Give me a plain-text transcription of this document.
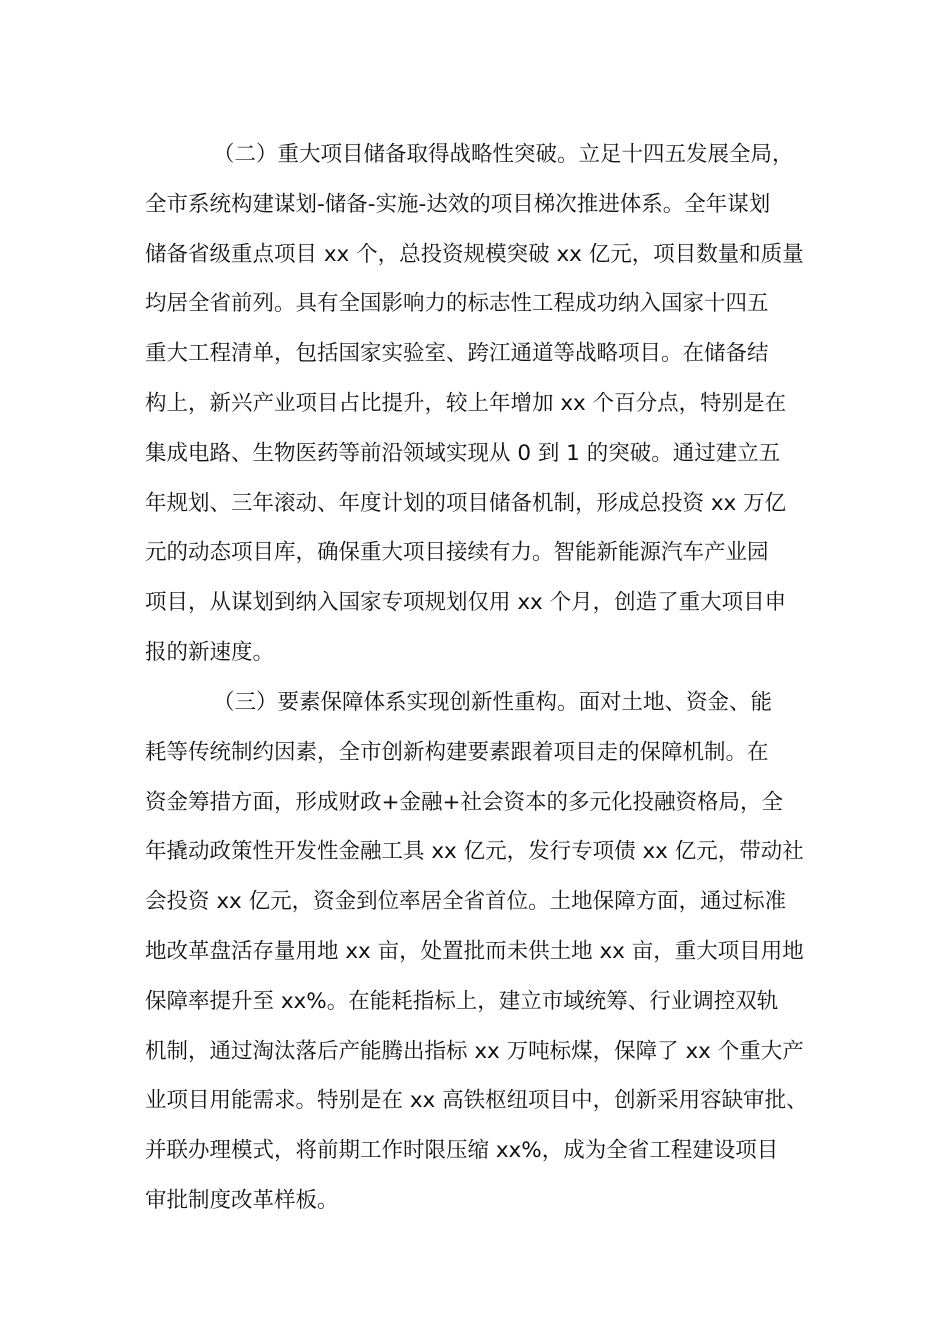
（二）重大项目储备取得战略性突破。立足十四五发展全局，
全市系统构建谋划-储备-实施-达效的项目梯次推进体系。全年谋划
储备省级重点项目 xx 个，总投资规模突破 xx 亿元，项目数量和质量
均居全省前列。具有全国影响力的标志性工程成功纳入国家十四五
重大工程清单，包括国家实验室、跨江通道等战略项目。在储备结
构上，新兴产业项目占比提升，较上年增加 xx 个百分点，特别是在
集成电路、生物医药等前沿领域实现从 0 到 1 的突破。通过建立五
年规划、三年滚动、年度计划的项目储备机制，形成总投资 xx 万亿
元的动态项目库，确保重大项目接续有力。智能新能源汽车产业园
项目，从谋划到纳入国家专项规划仅用 xx 个月，创造了重大项目申
报的新速度。
（三）要素保障体系实现创新性重构。面对土地、资金、能
耗等传统制约因素，全市创新构建要素跟着项目走的保障机制。在
资金筹措方面，形成财政+金融+社会资本的多元化投融资格局，全
年撬动政策性开发性金融工具 xx 亿元，发行专项债 xx 亿元，带动社
会投资 xx 亿元，资金到位率居全省首位。土地保障方面，通过标准
地改革盘活存量用地 xx 亩，处置批而未供土地 xx 亩，重大项目用地
保障率提升至 xx%。在能耗指标上，建立市域统筹、行业调控双轨
机制，通过淘汰落后产能腾出指标 xx 万吨标煤，保障了 xx 个重大产
业项目用能需求。特别是在 xx 高铁枢纽项目中，创新采用容缺审批、
并联办理模式，将前期工作时限压缩 xx%，成为全省工程建设项目
审批制度改革样板。
